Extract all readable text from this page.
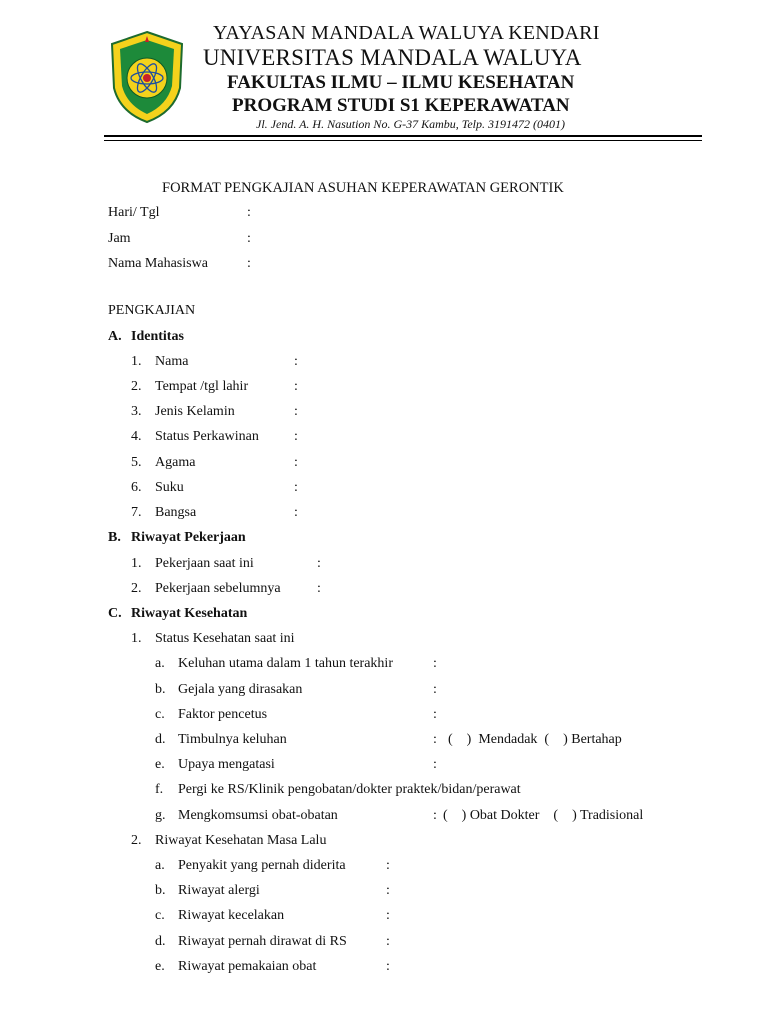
YAYASAN MANDALA WALUYA KENDARI
UNIVERSITAS MANDALA WALUYA
FAKULTAS ILMU – ILMU KESEHATAN
PROGRAM STUDI S1 KEPERAWATAN
Jl. Jend. A. H. Nasution No. G-37 Kambu, Telp. 3191472 (0401)
FORMAT PENGKAJIAN ASUHAN KEPERAWATAN GERONTIK
Hari/ Tgl	:
Jam	:
Nama Mahasiswa	:
PENGKAJIAN
A. Identitas
1. Nama	:
2. Tempat /tgl lahir	:
3. Jenis Kelamin	:
4. Status Perkawinan	:
5. Agama	:
6. Suku	:
7. Bangsa	:
B. Riwayat Pekerjaan
1. Pekerjaan saat ini	:
2. Pekerjaan sebelumnya	:
C. Riwayat Kesehatan
1. Status Kesehatan saat ini
a. Keluhan utama dalam 1 tahun terakhir	:
b. Gejala yang dirasakan	:
c. Faktor pencetus	:
d. Timbulnya keluhan	: (    )  Mendadak  (    ) Bertahap
e. Upaya mengatasi	:
f. Pergi ke RS/Klinik pengobatan/dokter praktek/bidan/perawat
g. Mengkomsumsi obat-obatan	: (    ) Obat Dokter    (    ) Tradisional
2. Riwayat Kesehatan Masa Lalu
a. Penyakit yang pernah diderita	:
b. Riwayat alergi	:
c. Riwayat kecelakan	:
d. Riwayat pernah dirawat di RS	:
e. Riwayat pemakaian obat	:
